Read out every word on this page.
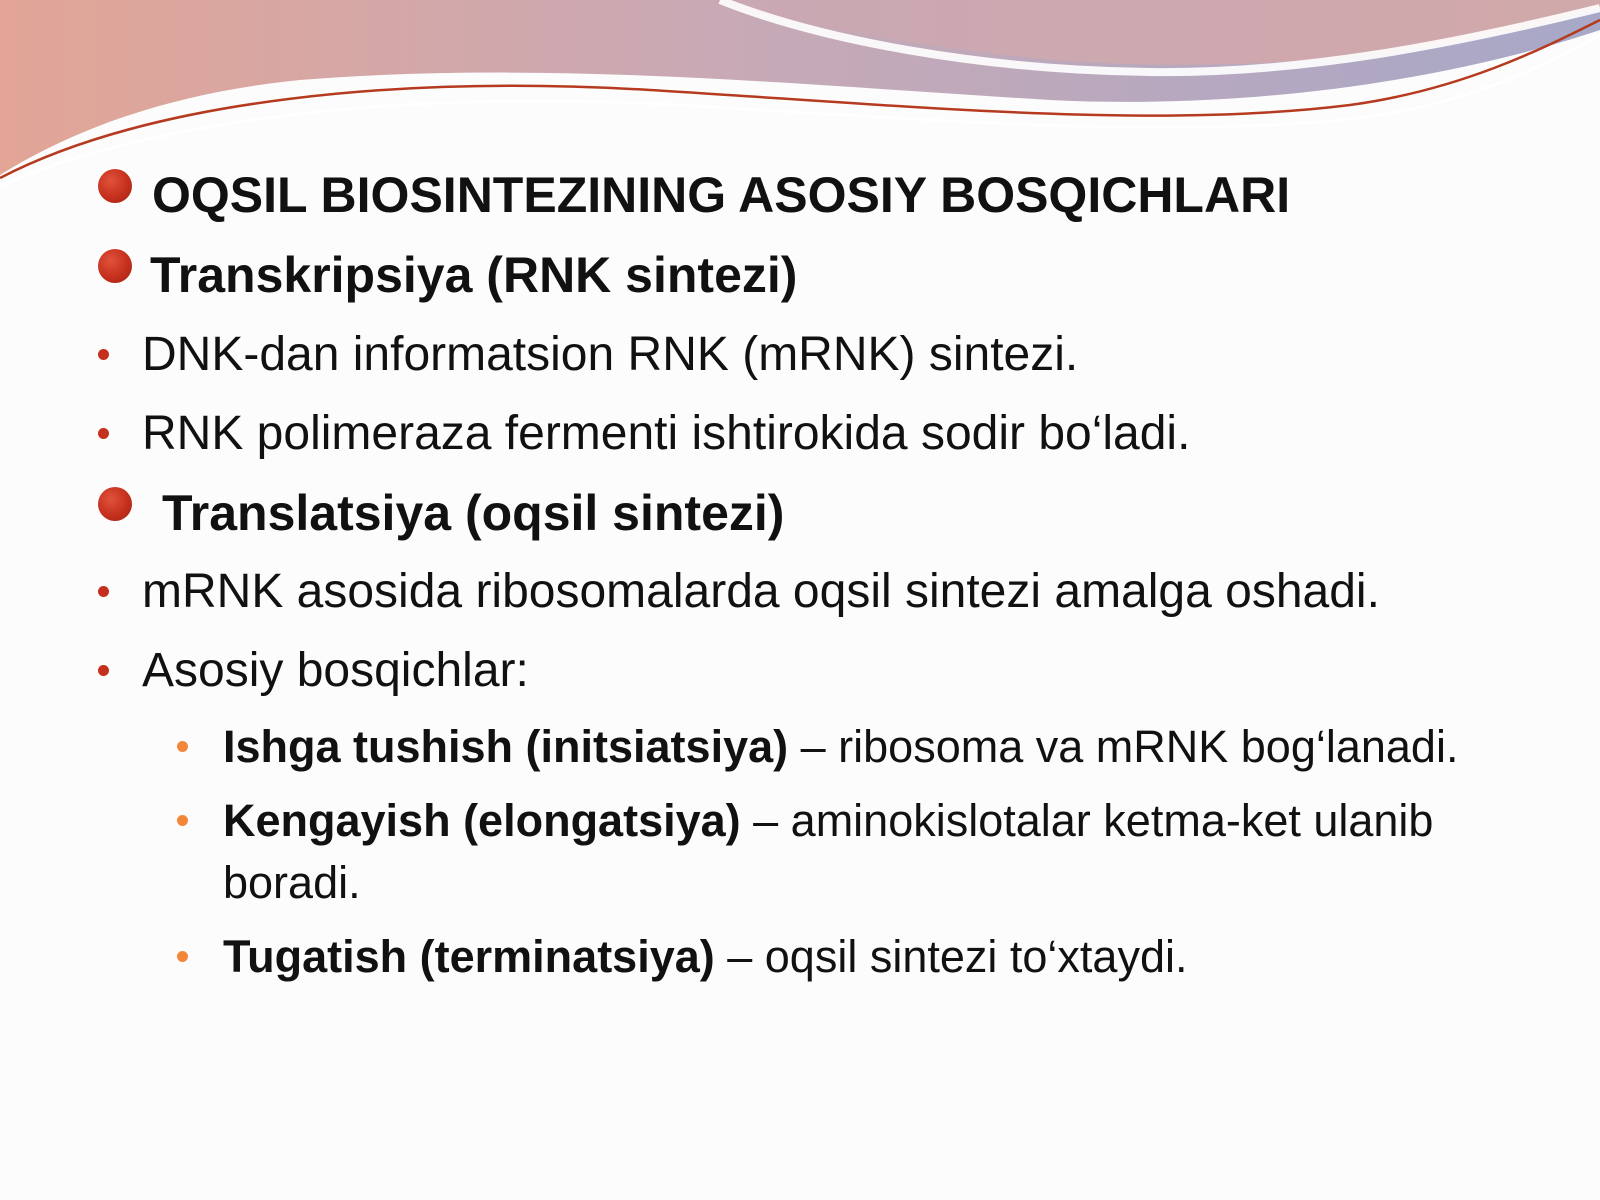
OQSIL BIOSINTEZINING ASOSIY BOSQICHLARI
Transkripsiya (RNK sintezi)
DNK-dan informatsion RNK (mRNK) sintezi.
RNK polimeraza fermenti ishtirokida sodir bo‘ladi.
Translatsiya (oqsil sintezi)
mRNK asosida ribosomalarda oqsil sintezi amalga oshadi.
Asosiy bosqichlar:
Ishga tushish (initsiatsiya) – ribosoma va mRNK bog‘lanadi.
Kengayish (elongatsiya) – aminokislotalar ketma-ket ulanib boradi.
Tugatish (terminatsiya) – oqsil sintezi to‘xtaydi.
